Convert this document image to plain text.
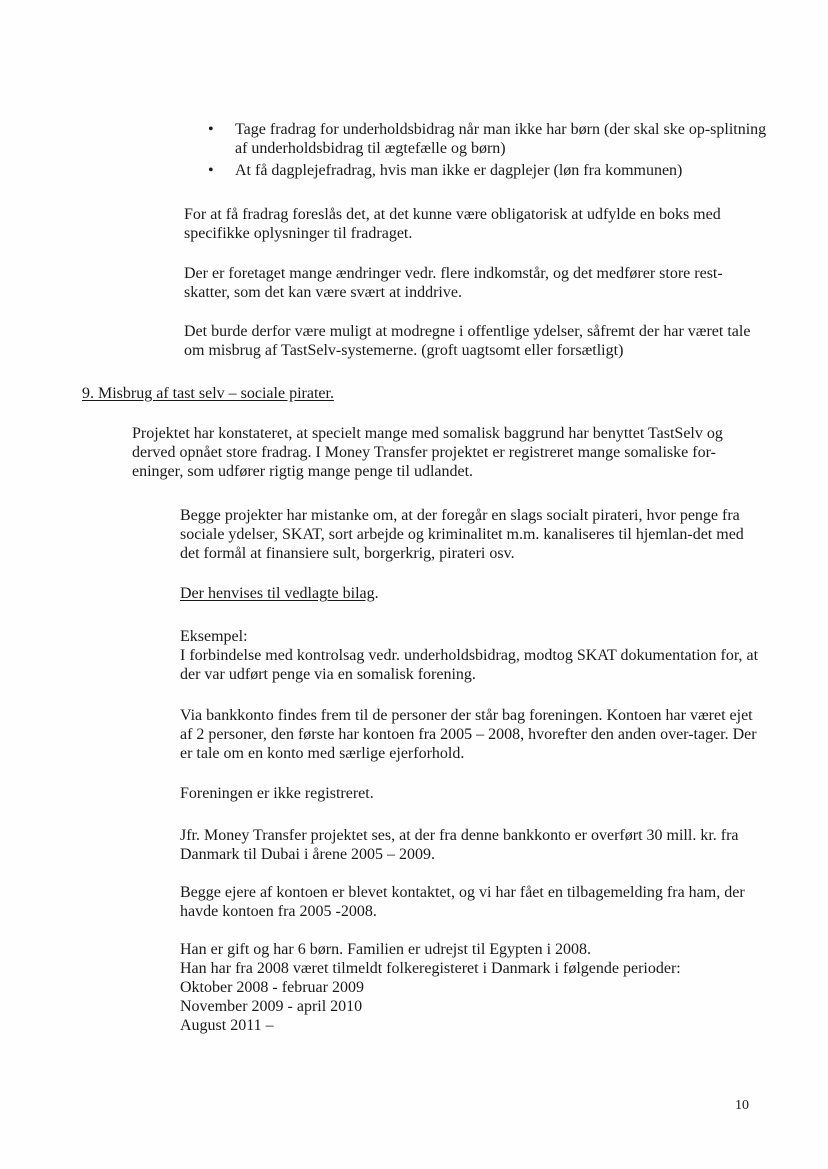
• Tage fradrag for underholdsbidrag når man ikke har børn (der skal ske op-splitning af underholdsbidrag til ægtefælle og børn)
• At få dagplejefradrag, hvis man ikke er dagplejer (løn fra kommunen)

For at få fradrag foreslås det, at det kunne være obligatorisk at udfylde en boks med specifikke oplysninger til fradraget.

Der er foretaget mange ændringer vedr. flere indkomstår, og det medfører store rest-skatter, som det kan være svært at inddrive.

Det burde derfor være muligt at modregne i offentlige ydelser, såfremt der har været tale om misbrug af TastSelv-systemerne. (groft uagtsomt eller forsætligt)

9. Misbrug af tast selv – sociale pirater.

Projektet har konstateret, at specielt mange med somalisk baggrund har benyttet TastSelv og derved opnået store fradrag. I Money Transfer projektet er registreret mange somaliske for-eninger, som udfører rigtig mange penge til udlandet.

Begge projekter har mistanke om, at der foregår en slags socialt pirateri, hvor penge fra sociale ydelser, SKAT, sort arbejde og kriminalitet m.m. kanaliseres til hjemlan-det med det formål at finansiere sult, borgerkrig, pirateri osv.

Der henvises til vedlagte bilag.

Eksempel:

I forbindelse med kontrolsag vedr. underholdsbidrag, modtog SKAT dokumentation for, at der var udført penge via en somalisk forening.

Via bankkonto findes frem til de personer der står bag foreningen. Kontoen har været ejet af 2 personer, den første har kontoen fra 2005 – 2008, hvorefter den anden over-tager. Der er tale om en konto med særlige ejerforhold.

Foreningen er ikke registreret.

Jfr. Money Transfer projektet ses, at der fra denne bankkonto er overført 30 mill. kr. fra Danmark til Dubai i årene 2005 – 2009.

Begge ejere af kontoen er blevet kontaktet, og vi har fået en tilbagemelding fra ham, der havde kontoen fra 2005 -2008.

Han er gift og har 6 børn. Familien er udrejst til Egypten i 2008.

Han har fra 2008 været tilmeldt folkeregisteret i Danmark i følgende perioder:

Oktober 2008 - februar 2009

November 2009 - april 2010

August 2011 –

10
